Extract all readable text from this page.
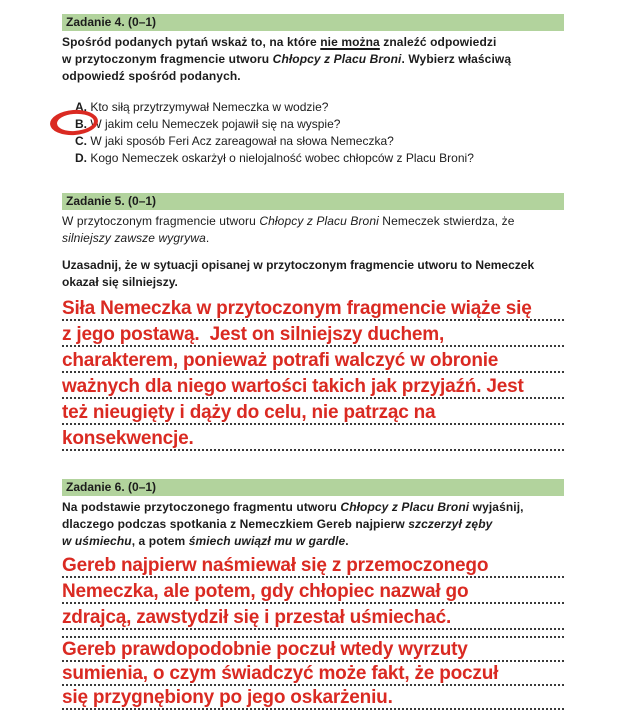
Zadanie 4. (0–1)
Spośród podanych pytań wskaż to, na które nie można znaleźć odpowiedzi
w przytoczonym fragmencie utworu Chłopcy z Placu Broni. Wybierz właściwą
odpowiedź spośród podanych.
A. Kto siłą przytrzymywał Nemeczka w wodzie?
B. W jakim celu Nemeczek pojawił się na wyspie?
C. W jaki sposób Feri Acz zareagował na słowa Nemeczka?
D. Kogo Nemeczek oskarżył o nielojalność wobec chłopców z Placu Broni?
Zadanie 5. (0–1)
W przytoczonym fragmencie utworu Chłopcy z Placu Broni Nemeczek stwierdza, że
silniejszy zawsze wygrywa.
Uzasadnij, że w sytuacji opisanej w przytoczonym fragmencie utworu to Nemeczek
okazał się silniejszy.
Siła Nemeczka w przytoczonym fragmencie wiąże się
z jego postawą.  Jest on silniejszy duchem,
charakterem, ponieważ potrafi walczyć w obronie
ważnych dla niego wartości takich jak przyjaźń. Jest
też nieugięty i dąży do celu, nie patrząc na
konsekwencje.
Zadanie 6. (0–1)
Na podstawie przytoczonego fragmentu utworu Chłopcy z Placu Broni wyjaśnij,
dlaczego podczas spotkania z Nemeczkiem Gereb najpierw szczerzył zęby
w uśmiechu, a potem śmiech uwiązł mu w gardle.
Gereb najpierw naśmiewał się z przemoczonego
Nemeczka, ale potem, gdy chłopiec nazwał go
zdrajcą, zawstydził się i przestał uśmiechać.
Gereb prawdopodobnie poczuł wtedy wyrzuty
sumienia, o czym świadczyć może fakt, że poczuł
się przygnębiony po jego oskarżeniu.
